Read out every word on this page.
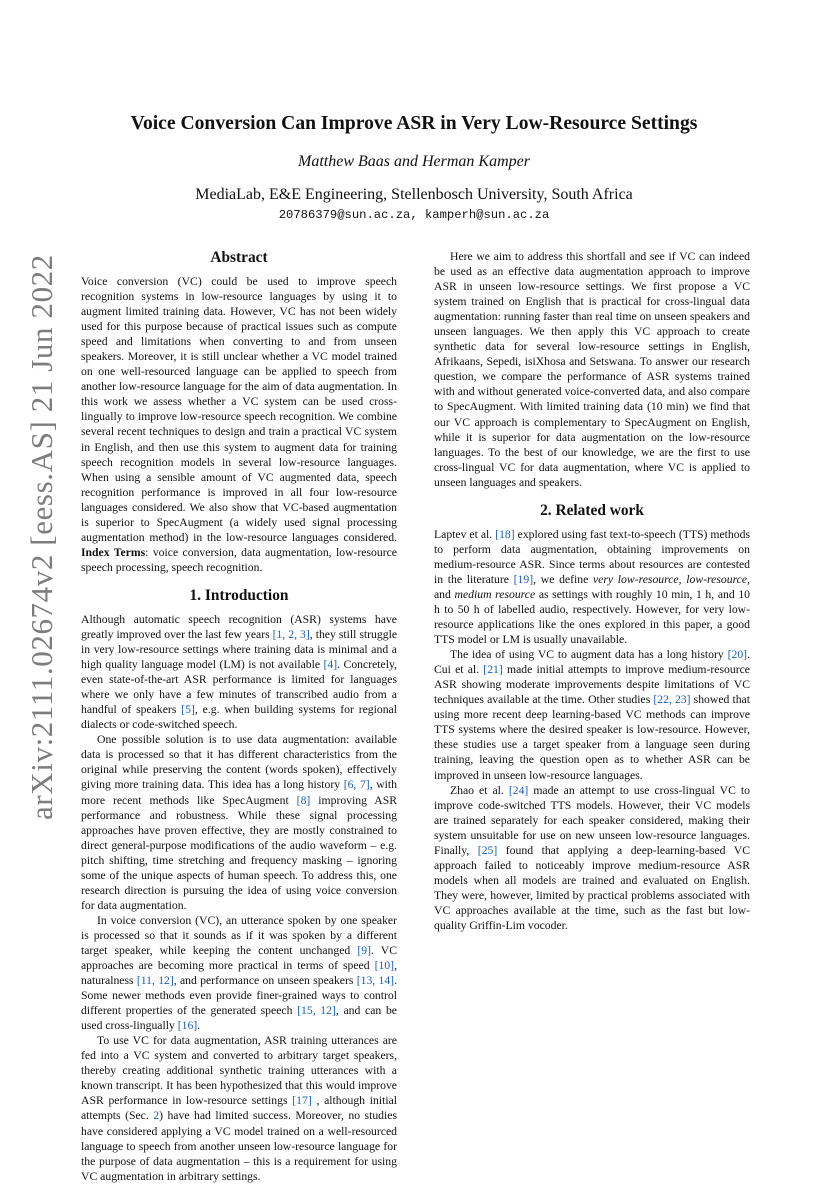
arXiv:2111.02674v2 [eess.AS] 21 Jun 2022
Voice Conversion Can Improve ASR in Very Low-Resource Settings
Matthew Baas and Herman Kamper
MediaLab, E&E Engineering, Stellenbosch University, South Africa
20786379@sun.ac.za, kamperh@sun.ac.za
Abstract

Voice conversion (VC) could be used to improve speech recognition systems in low-resource languages by using it to augment limited training data. However, VC has not been widely used for this purpose because of practical issues such as compute speed and limitations when converting to and from unseen speakers. Moreover, it is still unclear whether a VC model trained on one well-resourced language can be applied to speech from another low-resource language for the aim of data augmentation. In this work we assess whether a VC system can be used cross-lingually to improve low-resource speech recognition. We combine several recent techniques to design and train a practical VC system in English, and then use this system to augment data for training speech recognition models in several low-resource languages. When using a sensible amount of VC augmented data, speech recognition performance is improved in all four low-resource languages considered. We also show that VC-based augmentation is superior to SpecAugment (a widely used signal processing augmentation method) in the low-resource languages considered. Index Terms: voice conversion, data augmentation, low-resource speech processing, speech recognition.

1. Introduction

Although automatic speech recognition (ASR) systems have greatly improved over the last few years [1, 2, 3], they still struggle in very low-resource settings where training data is minimal and a high quality language model (LM) is not available [4]. Concretely, even state-of-the-art ASR performance is limited for languages where we only have a few minutes of transcribed audio from a handful of speakers [5], e.g. when building systems for regional dialects or code-switched speech.

One possible solution is to use data augmentation: available data is processed so that it has different characteristics from the original while preserving the content (words spoken), effectively giving more training data. This idea has a long history [6, 7], with more recent methods like SpecAugment [8] improving ASR performance and robustness. While these signal processing approaches have proven effective, they are mostly constrained to direct general-purpose modifications of the audio waveform – e.g. pitch shifting, time stretching and frequency masking – ignoring some of the unique aspects of human speech. To address this, one research direction is pursuing the idea of using voice conversion for data augmentation.

In voice conversion (VC), an utterance spoken by one speaker is processed so that it sounds as if it was spoken by a different target speaker, while keeping the content unchanged [9]. VC approaches are becoming more practical in terms of speed [10], naturalness [11, 12], and performance on unseen speakers [13, 14]. Some newer methods even provide finer-grained ways to control different properties of the generated speech [15, 12], and can be used cross-lingually [16].

To use VC for data augmentation, ASR training utterances are fed into a VC system and converted to arbitrary target speakers, thereby creating additional synthetic training utterances with a known transcript. It has been hypothesized that this would improve ASR performance in low-resource settings [17] , although initial attempts (Sec. 2) have had limited success. Moreover, no studies have considered applying a VC model trained on a well-resourced language to speech from another unseen low-resource language for the purpose of data augmentation – this is a requirement for using VC augmentation in arbitrary settings.

Here we aim to address this shortfall and see if VC can indeed be used as an effective data augmentation approach to improve ASR in unseen low-resource settings. We first propose a VC system trained on English that is practical for cross-lingual data augmentation: running faster than real time on unseen speakers and unseen languages. We then apply this VC approach to create synthetic data for several low-resource settings in English, Afrikaans, Sepedi, isiXhosa and Setswana. To answer our research question, we compare the performance of ASR systems trained with and without generated voice-converted data, and also compare to SpecAugment. With limited training data (10 min) we find that our VC approach is complementary to SpecAugment on English, while it is superior for data augmentation on the low-resource languages. To the best of our knowledge, we are the first to use cross-lingual VC for data augmentation, where VC is applied to unseen languages and speakers.

2. Related work

Laptev et al. [18] explored using fast text-to-speech (TTS) methods to perform data augmentation, obtaining improvements on medium-resource ASR. Since terms about resources are contested in the literature [19], we define very low-resource, low-resource, and medium resource as settings with roughly 10 min, 1 h, and 10 h to 50 h of labelled audio, respectively. However, for very low-resource applications like the ones explored in this paper, a good TTS model or LM is usually unavailable.

The idea of using VC to augment data has a long history [20]. Cui et al. [21] made initial attempts to improve medium-resource ASR showing moderate improvements despite limitations of VC techniques available at the time. Other studies [22, 23] showed that using more recent deep learning-based VC methods can improve TTS systems where the desired speaker is low-resource. However, these studies use a target speaker from a language seen during training, leaving the question open as to whether ASR can be improved in unseen low-resource languages.

Zhao et al. [24] made an attempt to use cross-lingual VC to improve code-switched TTS models. However, their VC models are trained separately for each speaker considered, making their system unsuitable for use on new unseen low-resource languages. Finally, [25] found that applying a deep-learning-based VC approach failed to noticeably improve medium-resource ASR models when all models are trained and evaluated on English. They were, however, limited by practical problems associated with VC approaches available at the time, such as the fast but low-quality Griffin-Lim vocoder.
